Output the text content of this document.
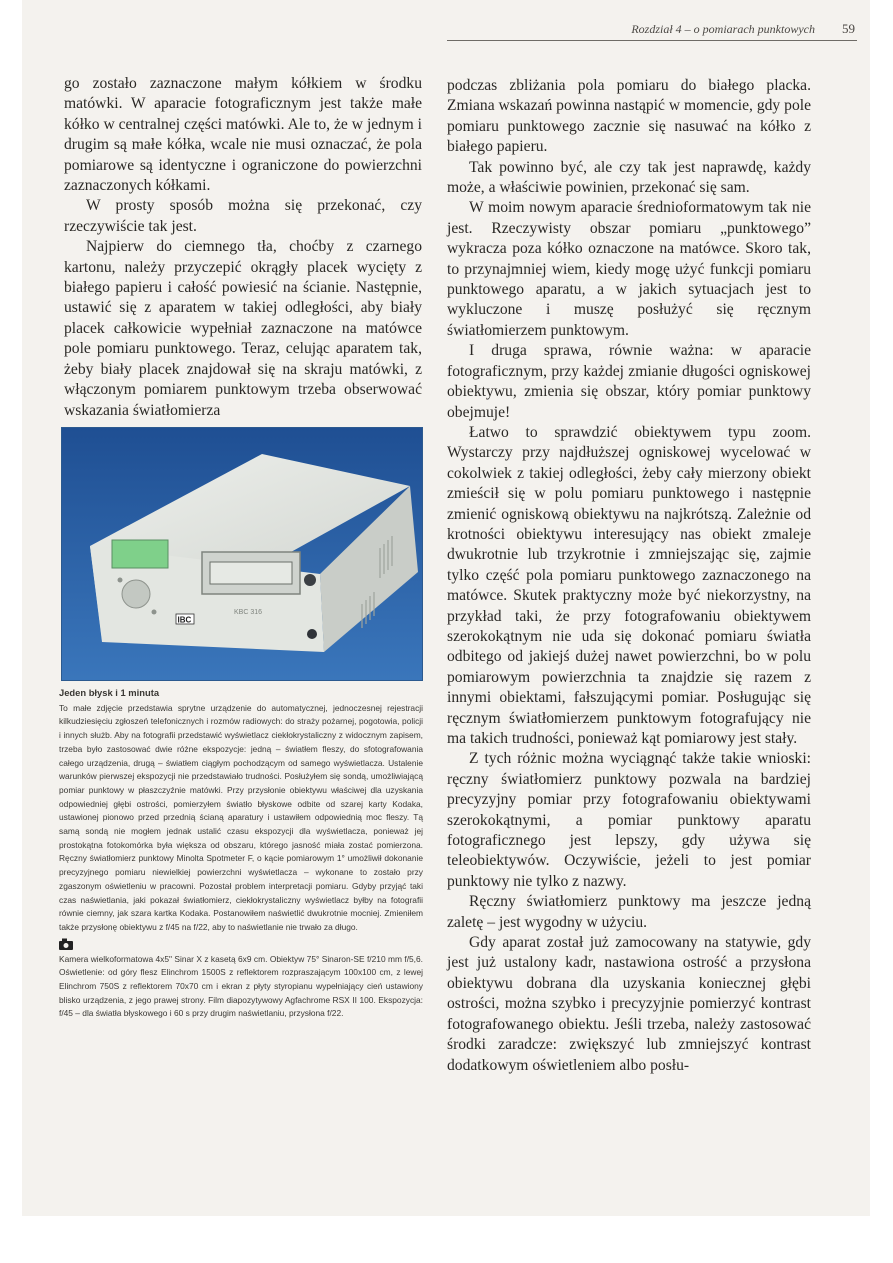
Rozdział 4 – o pomiarach punktowych 59

go zostało zaznaczone małym kółkiem w środku matówki. W aparacie fotograficznym jest także małe kółko w centralnej części matówki. Ale to, że w jednym i drugim są małe kółka, wcale nie musi oznaczać, że pola pomiarowe są identyczne i ograniczone do powierzchni zaznaczonych kółkami.

W prosty sposób można się przekonać, czy rzeczywiście tak jest.

Najpierw do ciemnego tła, choćby z czarnego kartonu, należy przyczepić okrągły placek wycięty z białego papieru i całość powiesić na ścianie. Następnie, ustawić się z aparatem w takiej odległości, aby biały placek całkowicie wypełniał zaznaczone na matówce pole pomiaru punktowego. Teraz, celując aparatem tak, żeby biały placek znajdował się na skraju matówki, z włączonym pomiarem punktowym trzeba obserwować wskazania światłomierza

IBC
KBC 316

Jeden błysk i 1 minuta

To małe zdjęcie przedstawia sprytne urządzenie do automatycznej, jednoczesnej rejestracji kilkudziesięciu zgłoszeń telefonicznych i rozmów radiowych: do straży pożarnej, pogotowia, policji i innych służb. Aby na fotografii przedstawić wyświetlacz ciekłokrystaliczny z widocznym zapisem, trzeba było zastosować dwie różne ekspozycje: jedną – światłem fleszy, do sfotografowania całego urządzenia, drugą – światłem ciągłym pochodzącym od samego wyświetlacza. Ustalenie warunków pierwszej ekspozycji nie przedstawiało trudności. Posłużyłem się sondą, umożliwiającą pomiar punktowy w płaszczyźnie matówki. Przy przysłonie obiektywu właściwej dla uzyskania odpowiedniej głębi ostrości, pomierzyłem światło błyskowe odbite od szarej karty Kodaka, ustawionej pionowo przed przednią ścianą aparatury i ustawiłem odpowiednią moc fleszy. Tą samą sondą nie mogłem jednak ustalić czasu ekspozycji dla wyświetlacza, ponieważ jej prostokątna fotokomórka była większa od obszaru, którego jasność miała zostać pomierzona. Ręczny światłomierz punktowy Minolta Spotmeter F, o kącie pomiarowym 1° umożliwił dokonanie precyzyjnego pomiaru niewielkiej powierzchni wyświetlacza – wykonane to zostało przy zgaszonym oświetleniu w pracowni. Pozostał problem interpretacji pomiaru. Gdyby przyjąć taki czas naświetlania, jaki pokazał światłomierz, ciekłokrystaliczny wyświetlacz byłby na fotografii równie ciemny, jak szara kartka Kodaka. Postanowiłem naświetlić dwukrotnie mocniej. Zmieniłem także przysłonę obiektywu z f/45 na f/22, aby to naświetlanie nie trwało za długo.

Kamera wielkoformatowa 4x5" Sinar X z kasetą 6x9 cm. Obiektyw 75° Sinaron-SE f/210 mm f/5,6. Oświetlenie: od góry flesz Elinchrom 1500S z reflektorem rozpraszającym 100x100 cm, z lewej Elinchrom 750S z reflektorem 70x70 cm i ekran z płyty styropianu wypełniający cień ustawiony blisko urządzenia, z jego prawej strony. Film diapozytywowy Agfachrome RSX II 100. Ekspozycja: f/45 – dla światła błyskowego i 60 s przy drugim naświetlaniu, przysłona f/22.

podczas zbliżania pola pomiaru do białego placka. Zmiana wskazań powinna nastąpić w momencie, gdy pole pomiaru punktowego zacznie się nasuwać na kółko z białego papieru.

Tak powinno być, ale czy tak jest naprawdę, każdy może, a właściwie powinien, przekonać się sam.

W moim nowym aparacie średnioformatowym tak nie jest. Rzeczywisty obszar pomiaru „punktowego” wykracza poza kółko oznaczone na matówce. Skoro tak, to przynajmniej wiem, kiedy mogę użyć funkcji pomiaru punktowego aparatu, a w jakich sytuacjach jest to wykluczone i muszę posłużyć się ręcznym światłomierzem punktowym.

I druga sprawa, równie ważna: w aparacie fotograficznym, przy każdej zmianie długości ogniskowej obiektywu, zmienia się obszar, który pomiar punktowy obejmuje!

Łatwo to sprawdzić obiektywem typu zoom. Wystarczy przy najdłuższej ogniskowej wycelować w cokolwiek z takiej odległości, żeby cały mierzony obiekt zmieścił się w polu pomiaru punktowego i następnie zmienić ogniskową obiektywu na najkrótszą. Zależnie od krotności obiektywu interesujący nas obiekt zmaleje dwukrotnie lub trzykrotnie i zmniejszając się, zajmie tylko część pola pomiaru punktowego zaznaczonego na matówce. Skutek praktyczny może być niekorzystny, na przykład taki, że przy fotografowaniu obiektywem szerokokątnym nie uda się dokonać pomiaru światła odbitego od jakiejś dużej nawet powierzchni, bo w polu pomiarowym powierzchnia ta znajdzie się razem z innymi obiektami, fałszującymi pomiar. Posługując się ręcznym światłomierzem punktowym fotografujący nie ma takich trudności, ponieważ kąt pomiarowy jest stały.

Z tych różnic można wyciągnąć także takie wnioski: ręczny światłomierz punktowy pozwala na bardziej precyzyjny pomiar przy fotografowaniu obiektywami szerokokątnymi, a pomiar punktowy aparatu fotograficznego jest lepszy, gdy używa się teleobiektywów. Oczywiście, jeżeli to jest pomiar punktowy nie tylko z nazwy.

Ręczny światłomierz punktowy ma jeszcze jedną zaletę – jest wygodny w użyciu.

Gdy aparat został już zamocowany na statywie, gdy jest już ustalony kadr, nastawiona ostrość a przysłona obiektywu dobrana dla uzyskania koniecznej głębi ostrości, można szybko i precyzyjnie pomierzyć kontrast fotografowanego obiektu. Jeśli trzeba, należy zastosować środki zaradcze: zwiększyć lub zmniejszyć kontrast dodatkowym oświetleniem albo posłu-
